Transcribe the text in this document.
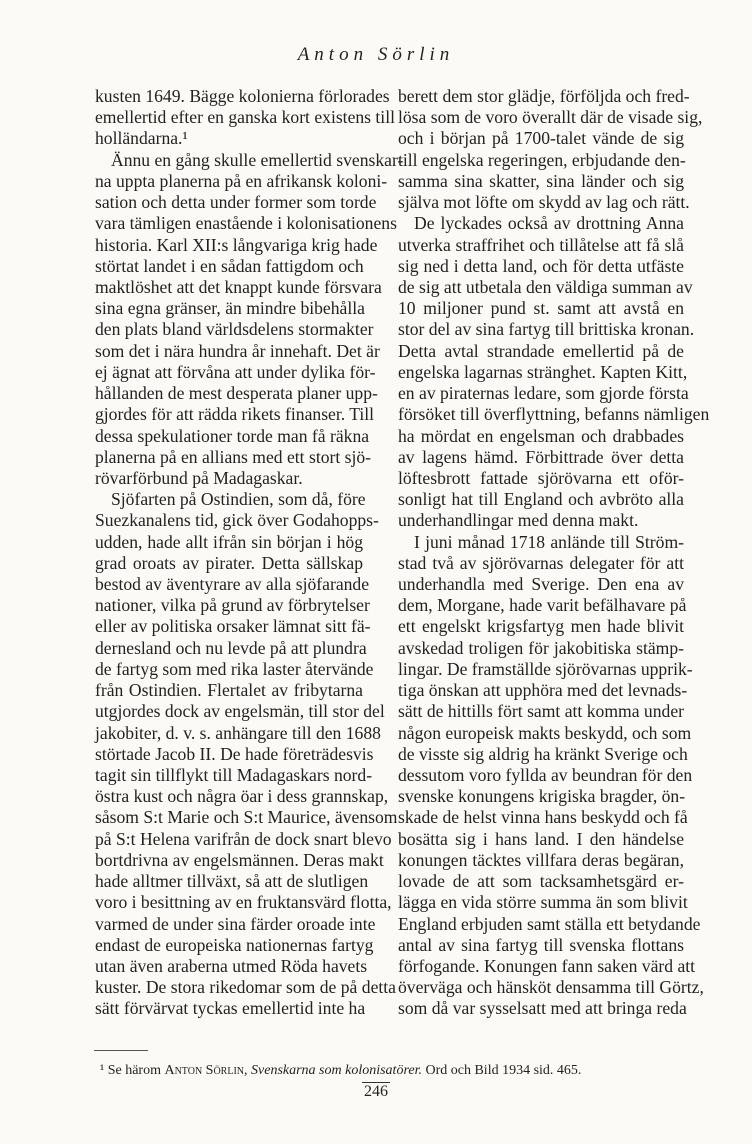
Anton Sörlin
kusten 1649. Bägge kolonierna förlorades
emellertid efter en ganska kort existens till
holländarna.¹
Ännu en gång skulle emellertid svenskar-
na uppta planerna på en afrikansk koloni-
sation och detta under former som torde
vara tämligen enastående i kolonisationens
historia. Karl XII:s långvariga krig hade
störtat landet i en sådan fattigdom och
maktlöshet att det knappt kunde försvara
sina egna gränser, än mindre bibehålla
den plats bland världsdelens stormakter
som det i nära hundra år innehaft. Det är
ej ägnat att förvåna att under dylika för-
hållanden de mest desperata planer upp-
gjordes för att rädda rikets finanser. Till
dessa spekulationer torde man få räkna
planerna på en allians med ett stort sjö-
rövarförbund på Madagaskar.
Sjöfarten på Ostindien, som då, före
Suezkanalens tid, gick över Godahopps-
udden, hade allt ifrån sin början i hög
grad oroats av pirater. Detta sällskap
bestod av äventyrare av alla sjöfarande
nationer, vilka på grund av förbrytelser
eller av politiska orsaker lämnat sitt fä-
dernesland och nu levde på att plundra
de fartyg som med rika laster återvände
från Ostindien. Flertalet av fribytarna
utgjordes dock av engelsmän, till stor del
jakobiter, d. v. s. anhängare till den 1688
störtade Jacob II. De hade företrädesvis
tagit sin tillflykt till Madagaskars nord-
östra kust och några öar i dess grannskap,
såsom S:t Marie och S:t Maurice, ävensom
på S:t Helena varifrån de dock snart blevo
bortdrivna av engelsmännen. Deras makt
hade alltmer tillväxt, så att de slutligen
voro i besittning av en fruktansvärd flotta,
varmed de under sina färder oroade inte
endast de europeiska nationernas fartyg
utan även araberna utmed Röda havets
kuster. De stora rikedomar som de på detta
sätt förvärvat tyckas emellertid inte ha
berett dem stor glädje, förföljda och fred-
lösa som de voro överallt där de visade sig,
och i början på 1700-talet vände de sig
till engelska regeringen, erbjudande den-
samma sina skatter, sina länder och sig
själva mot löfte om skydd av lag och rätt.
De lyckades också av drottning Anna
utverka straffrihet och tillåtelse att få slå
sig ned i detta land, och för detta utfäste
de sig att utbetala den väldiga summan av
10 miljoner pund st. samt att avstå en
stor del av sina fartyg till brittiska kronan.
Detta avtal strandade emellertid på de
engelska lagarnas stränghet. Kapten Kitt,
en av piraternas ledare, som gjorde första
försöket till överflyttning, befanns nämligen
ha mördat en engelsman och drabbades
av lagens hämd. Förbittrade över detta
löftesbrott fattade sjörövarna ett oför-
sonligt hat till England och avbröto alla
underhandlingar med denna makt.
I juni månad 1718 anlände till Ström-
stad två av sjörövarnas delegater för att
underhandla med Sverige. Den ena av
dem, Morgane, hade varit befälhavare på
ett engelskt krigsfartyg men hade blivit
avskedad troligen för jakobitiska stämp-
lingar. De framställde sjörövarnas upprik-
tiga önskan att upphöra med det levnads-
sätt de hittills fört samt att komma under
någon europeisk makts beskydd, och som
de visste sig aldrig ha kränkt Sverige och
dessutom voro fyllda av beundran för den
svenske konungens krigiska bragder, ön-
skade de helst vinna hans beskydd och få
bosätta sig i hans land. I den händelse
konungen täcktes villfara deras begäran,
lovade de att som tacksamhetsgärd er-
lägga en vida större summa än som blivit
England erbjuden samt ställa ett betydande
antal av sina fartyg till svenska flottans
förfogande. Konungen fann saken värd att
överväga och hänsköt densamma till Görtz,
som då var sysselsatt med att bringa reda
¹ Se härom Anton Sörlin, Svenskarna som kolonisatörer. Ord och Bild 1934 sid. 465.
246
